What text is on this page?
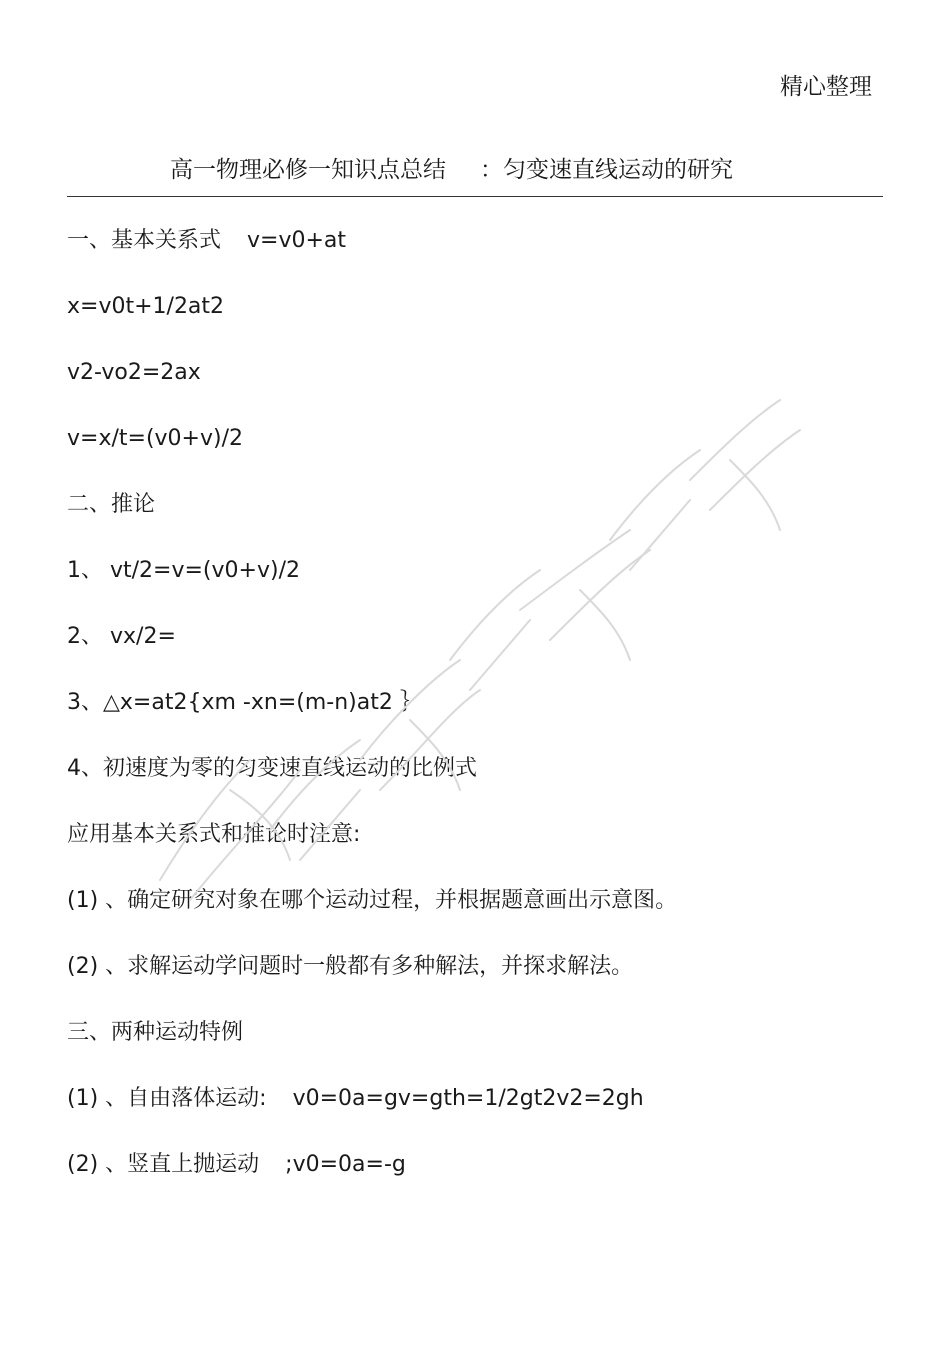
精心整理
高一物理必修一知识点总结 ：匀变速直线运动的研究
一、基本关系式 v=v0+at
x=v0t+1/2at2
v2-vo2=2ax
v=x/t=(v0+v)/2
二、推论
1、 vt/2=v=(v0+v)/2
2、 vx/2=
3、△x=at2{xm -xn=(m-n)at2 ｝
4、初速度为零的匀变速直线运动的比例式
应用基本关系式和推论时注意:
(1) 、确定研究对象在哪个运动过程，并根据题意画出示意图。
(2) 、求解运动学问题时一般都有多种解法，并探求解法。
三、两种运动特例
(1) 、自由落体运动: v0=0a=gv=gth=1/2gt2v2=2gh
(2) 、竖直上抛运动 ;v0=0a=-g
